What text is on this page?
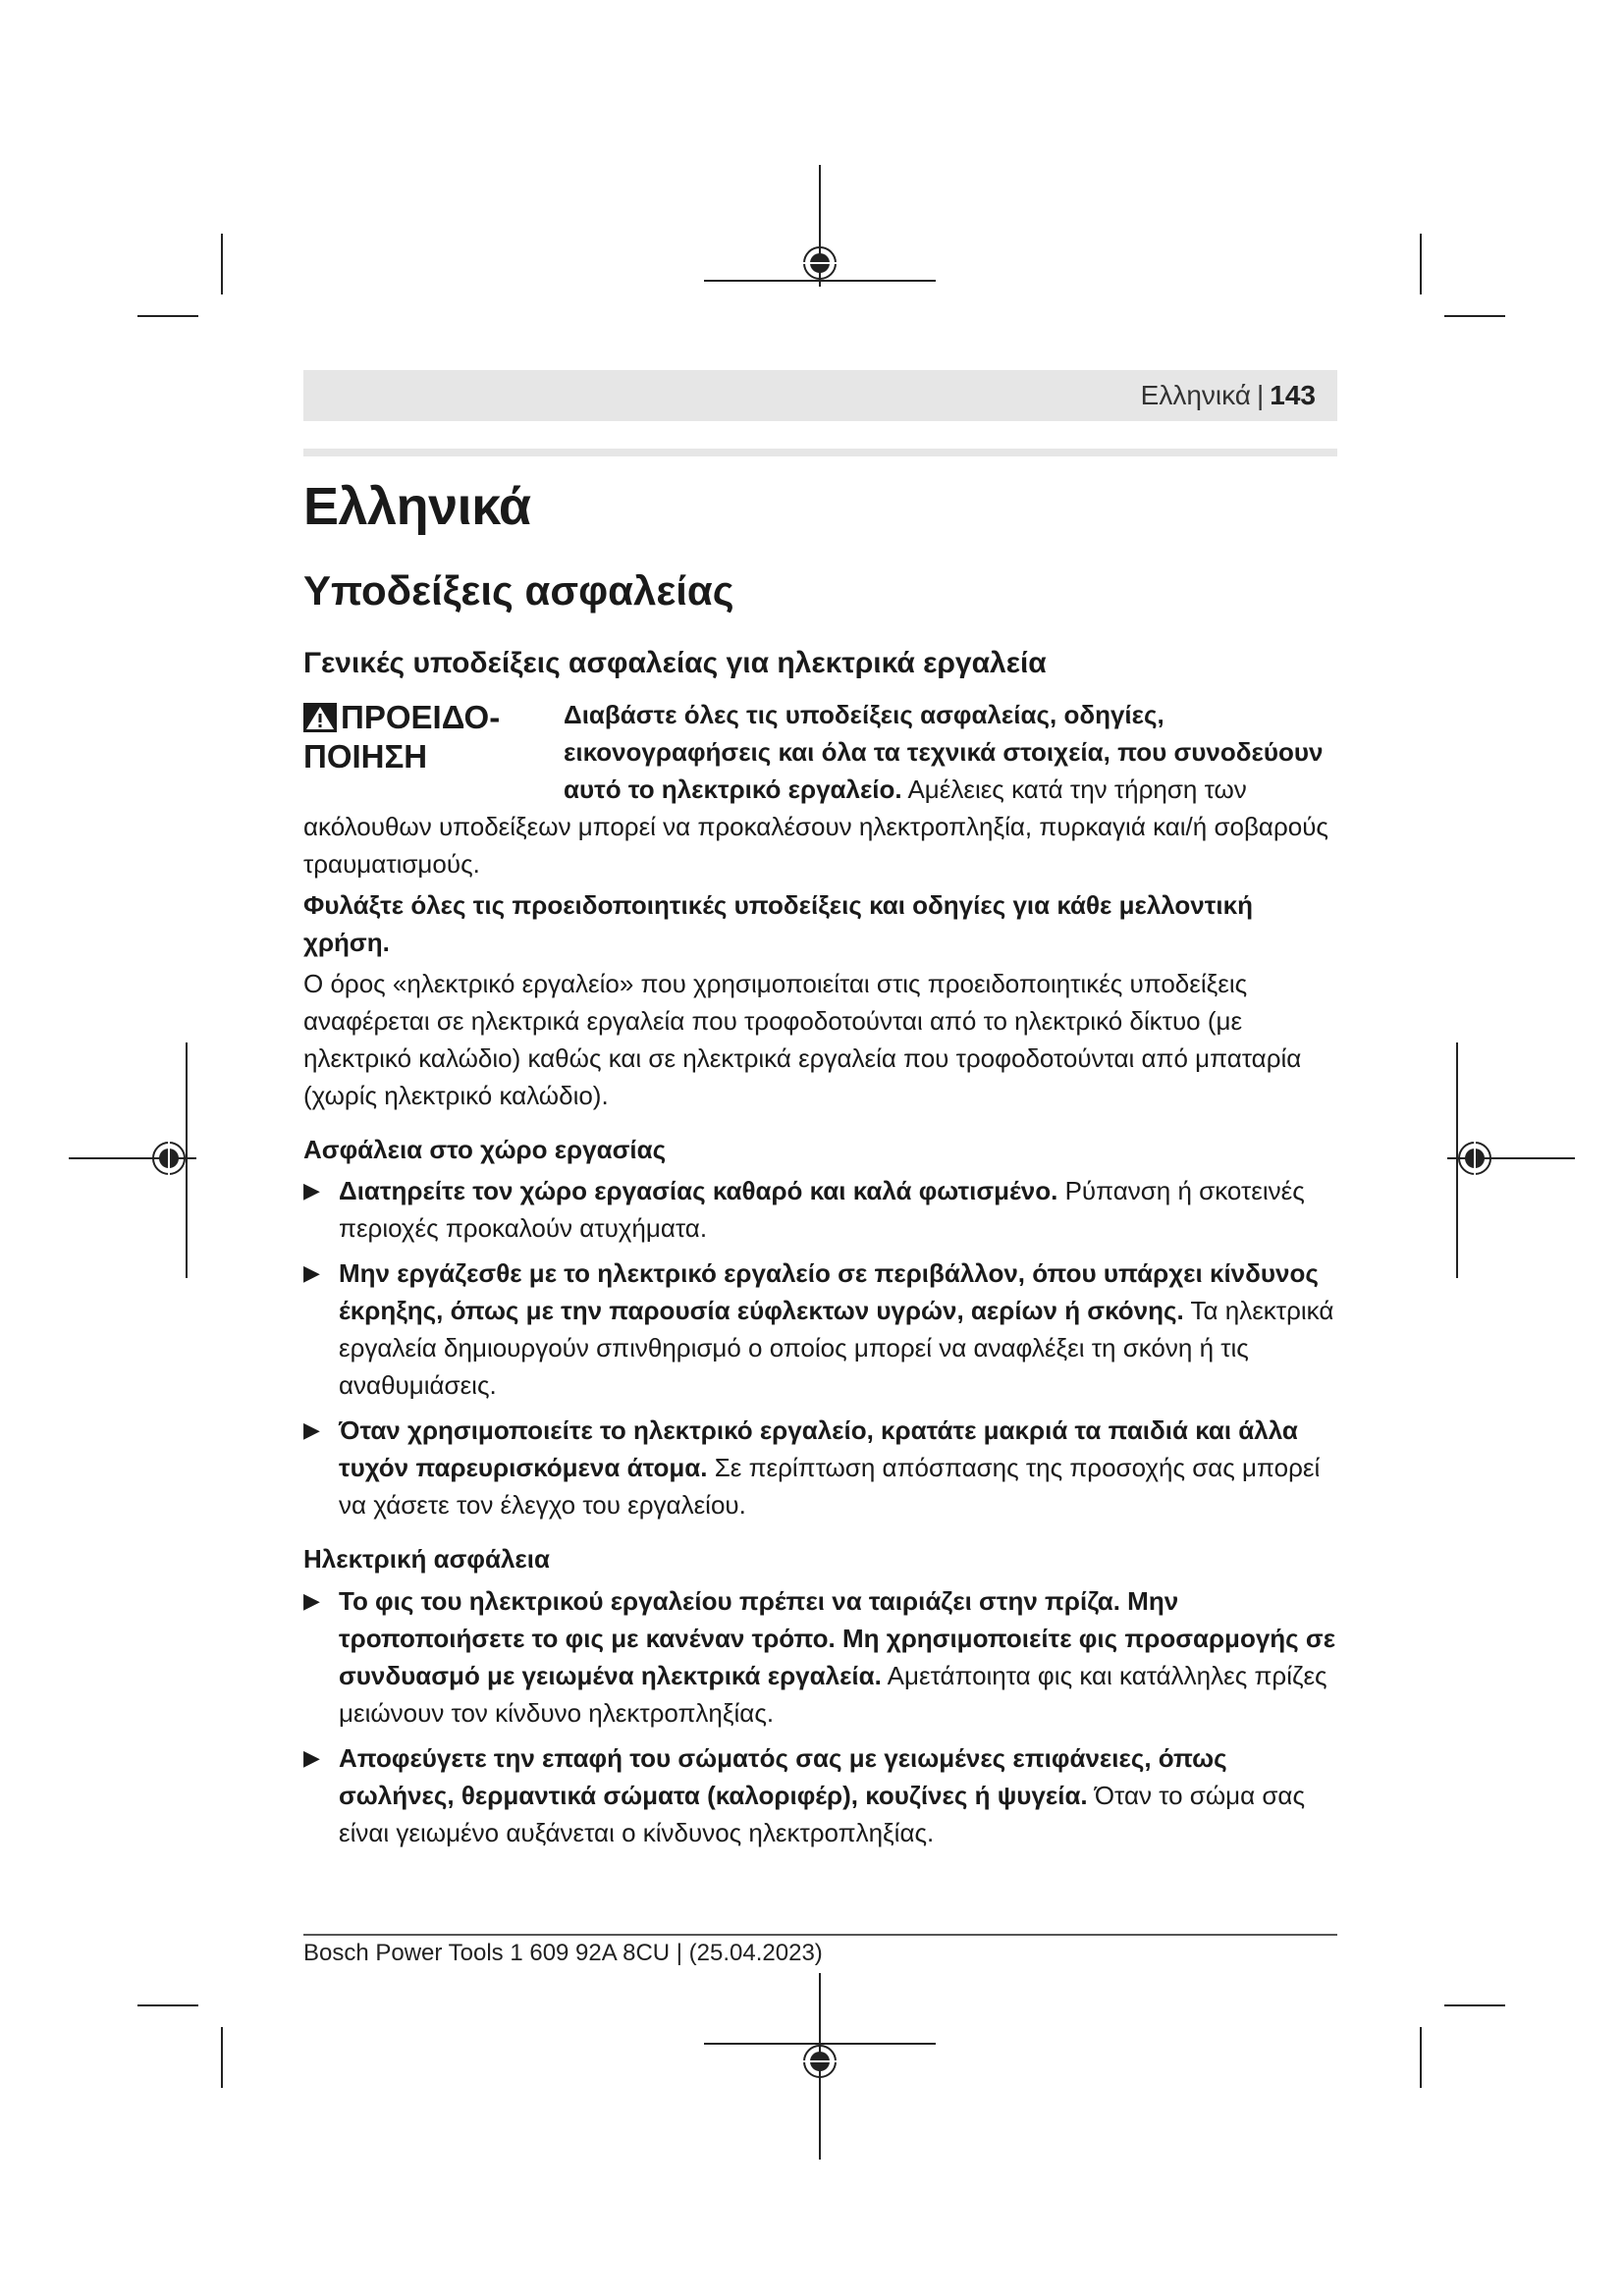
Ελληνικά | 143
Ελληνικά
Υποδείξεις ασφαλείας
Γενικές υποδείξεις ασφαλείας για ηλεκτρικά εργαλεία
ΠΡΟΕΙΔΟ-ΠΟΙΗΣΗ

Διαβάστε όλες τις υποδείξεις ασφαλείας, οδηγίες, εικονογραφήσεις και όλα τα τεχνικά στοιχεία, που συνοδεύουν αυτό το ηλεκτρικό εργαλείο. Αμέλειες κατά την τήρηση των ακόλουθων υποδείξεων μπορεί να προκαλέσουν ηλεκτροπληξία, πυρκαγιά και/ή σοβαρούς τραυματισμούς.

Φυλάξτε όλες τις προειδοποιητικές υποδείξεις και οδηγίες για κάθε μελλοντική χρήση.

Ο όρος «ηλεκτρικό εργαλείο» που χρησιμοποιείται στις προειδοποιητικές υποδείξεις αναφέρεται σε ηλεκτρικά εργαλεία που τροφοδοτούνται από το ηλεκτρικό δίκτυο (με ηλεκτρικό καλώδιο) καθώς και σε ηλεκτρικά εργαλεία που τροφοδοτούνται από μπαταρία (χωρίς ηλεκτρικό καλώδιο).

Ασφάλεια στο χώρο εργασίας
▶ Διατηρείτε τον χώρο εργασίας καθαρό και καλά φωτισμένο. Ρύπανση ή σκοτεινές περιοχές προκαλούν ατυχήματα.
▶ Μην εργάζεσθε με το ηλεκτρικό εργαλείο σε περιβάλλον, όπου υπάρχει κίνδυνος έκρηξης, όπως με την παρουσία εύφλεκτων υγρών, αερίων ή σκόνης. Τα ηλεκτρικά εργαλεία δημιουργούν σπινθηρισμό ο οποίος μπορεί να αναφλέξει τη σκόνη ή τις αναθυμιάσεις.
▶ Όταν χρησιμοποιείτε το ηλεκτρικό εργαλείο, κρατάτε μακριά τα παιδιά και άλλα τυχόν παρευρισκόμενα άτομα. Σε περίπτωση απόσπασης της προσοχής σας μπορεί να χάσετε τον έλεγχο του εργαλείου.
Ηλεκτρική ασφάλεια
▶ Το φις του ηλεκτρικού εργαλείου πρέπει να ταιριάζει στην πρίζα. Μην τροποποιήσετε το φις με κανέναν τρόπο. Μη χρησιμοποιείτε φις προσαρμογής σε συνδυασμό με γειωμένα ηλεκτρικά εργαλεία. Αμετάποιητα φις και κατάλληλες πρίζες μειώνουν τον κίνδυνο ηλεκτροπληξίας.
▶ Αποφεύγετε την επαφή του σώματός σας με γειωμένες επιφάνειες, όπως σωλήνες, θερμαντικά σώματα (καλοριφέρ), κουζίνες ή ψυγεία. Όταν το σώμα σας είναι γειωμένο αυξάνεται ο κίνδυνος ηλεκτροπληξίας.
Bosch Power Tools 1 609 92A 8CU | (25.04.2023)
